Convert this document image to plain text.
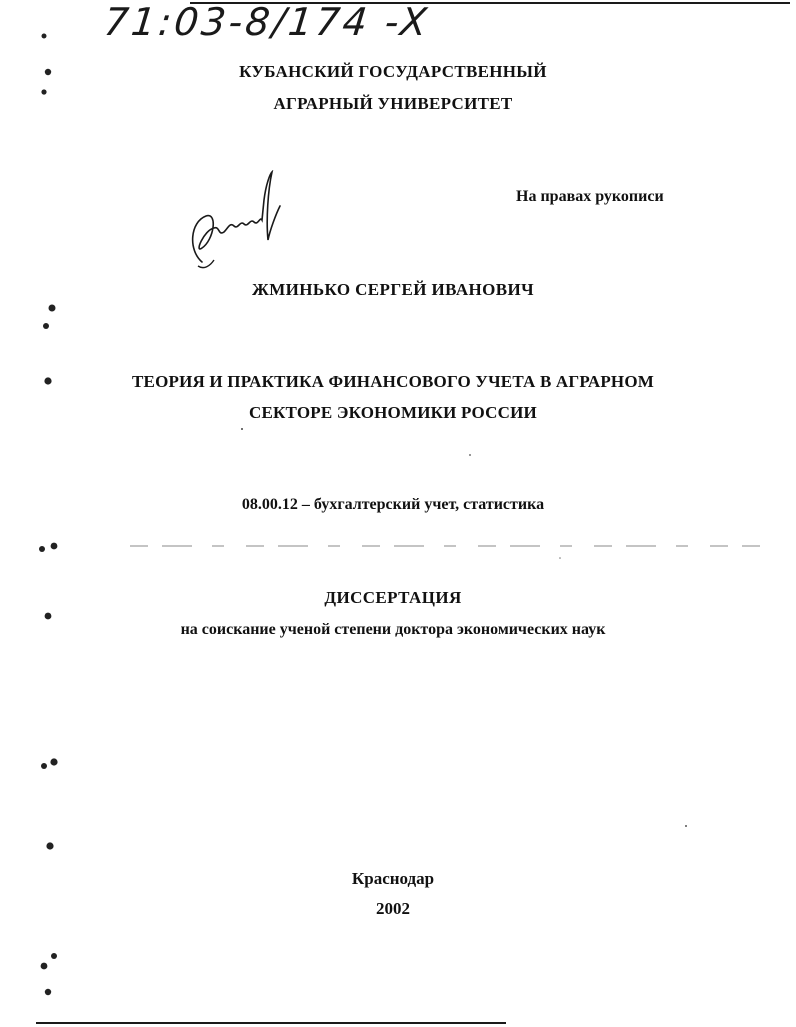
71:03-8/174 -X
КУБАНСКИЙ ГОСУДАРСТВЕННЫЙ
АГРАРНЫЙ УНИВЕРСИТЕТ
На правах рукописи
ЖМИНЬКО СЕРГЕЙ ИВАНОВИЧ
ТЕОРИЯ И ПРАКТИКА ФИНАНСОВОГО УЧЕТА В АГРАРНОМ
СЕКТОРЕ ЭКОНОМИКИ РОССИИ
08.00.12 – бухгалтерский учет, статистика
ДИССЕРТАЦИЯ
на соискание ученой степени доктора экономических наук
Краснодар
2002
